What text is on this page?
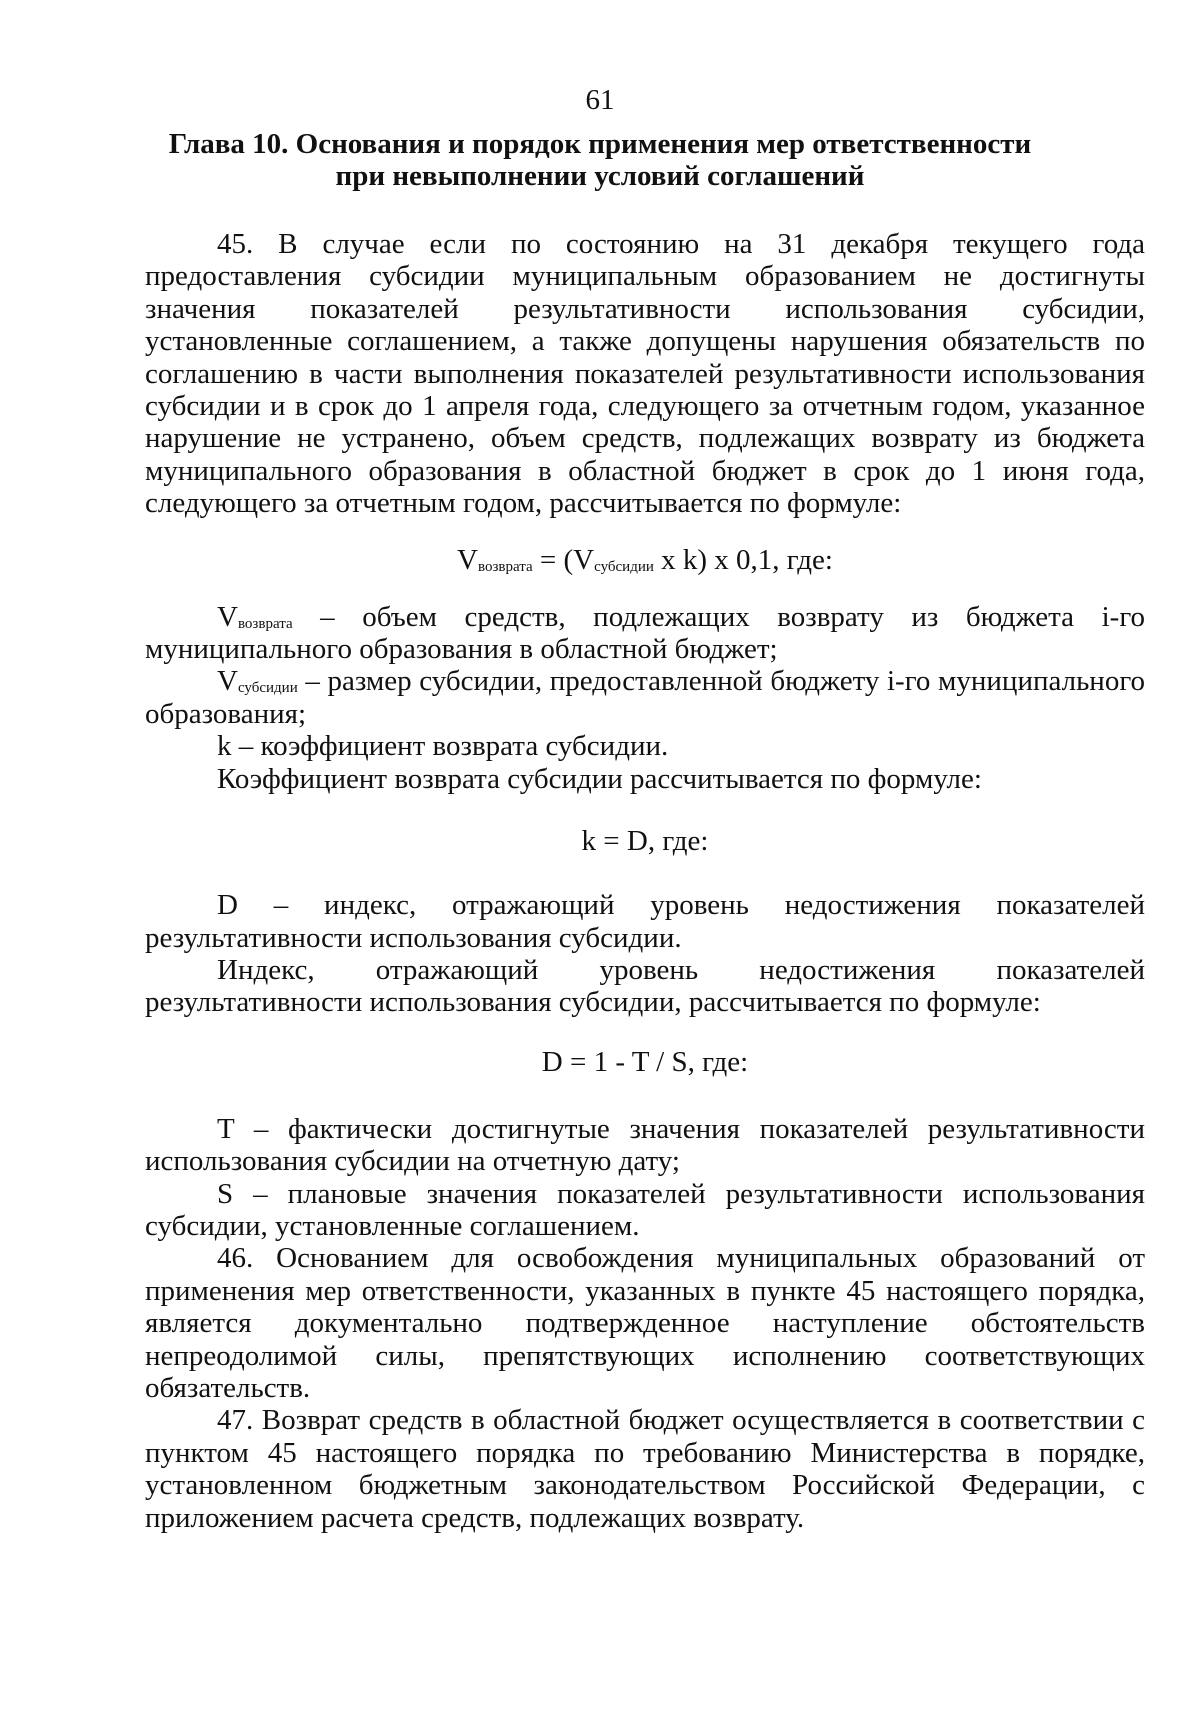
61
Глава 10. Основания и порядок применения мер ответственности
при невыполнении условий соглашений

45. В случае если по состоянию на 31 декабря текущего года предоставления субсидии муниципальным образованием не достигнуты значения показателей результативности использования субсидии, установленные соглашением, а также допущены нарушения обязательств по соглашению в части выполнения показателей результативности использования субсидии и в срок до 1 апреля года, следующего за отчетным годом, указанное нарушение не устранено, объем средств, подлежащих возврату из бюджета муниципального образования в областной бюджет в срок до 1 июня года, следующего за отчетным годом, рассчитывается по формуле:

$V_{возврата} = (V_{субсидии}$ x k) x 0,1, где:

$V_{возврата}$ – объем средств, подлежащих возврату из бюджета i-го муниципального образования в областной бюджет;

$V_{субсидии}$ – размер субсидии, предоставленной бюджету i-го муниципального образования;

k – коэффициент возврата субсидии.

Коэффициент возврата субсидии рассчитывается по формуле:

k = D, где:

D – индекс, отражающий уровень недостижения показателей результативности использования субсидии.

Индекс, отражающий уровень недостижения показателей результативности использования субсидии, рассчитывается по формуле:

D = 1 - T / S, где:

T – фактически достигнутые значения показателей результативности использования субсидии на отчетную дату;

S – плановые значения показателей результативности использования субсидии, установленные соглашением.

46. Основанием для освобождения муниципальных образований от применения мер ответственности, указанных в пункте 45 настоящего порядка, является документально подтвержденное наступление обстоятельств непреодолимой силы, препятствующих исполнению соответствующих обязательств.

47. Возврат средств в областной бюджет осуществляется в соответствии с пунктом 45 настоящего порядка по требованию Министерства в порядке, установленном бюджетным законодательством Российской Федерации, с приложением расчета средств, подлежащих возврату.
